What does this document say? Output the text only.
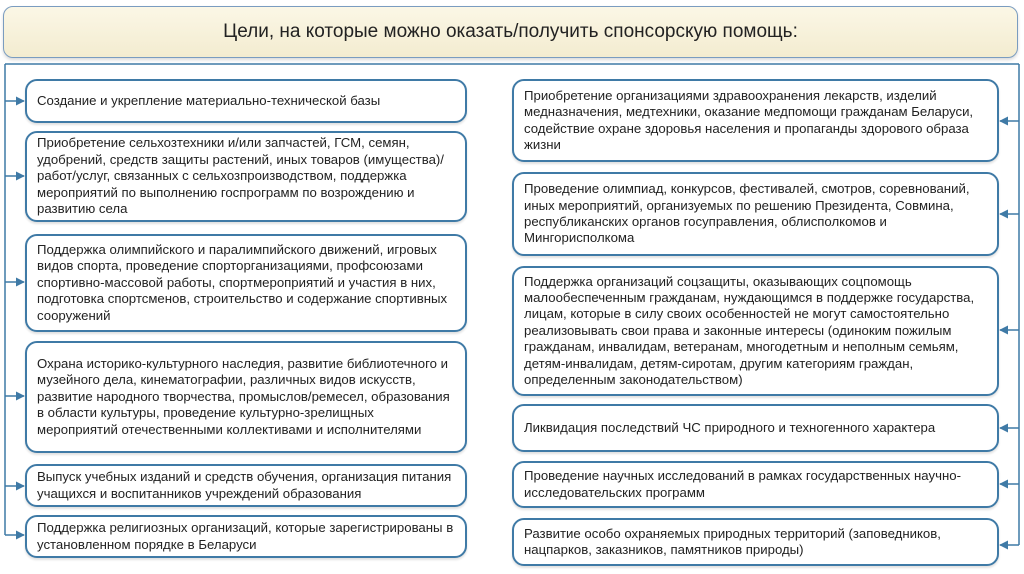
Цели, на которые можно оказать/получить спонсорскую помощь:
Создание и укрепление материально-технической базы
Приобретение сельхозтехники и/или запчастей, ГСМ, семян, удобрений, средств защиты растений, иных товаров (имущества)/работ/услуг, связанных с сельхозпроизводством, поддержка мероприятий по выполнению госпрограмм по возрождению и развитию села
Поддержка олимпийского и паралимпийского движений, игровых видов спорта, проведение спорторганизациями, профсоюзами спортивно-массовой работы, спортмероприятий и участия в них, подготовка спортсменов, строительство и содержание спортивных сооружений
Охрана историко-культурного наследия, развитие библиотечного и музейного дела, кинематографии, различных видов искусств, развитие народного творчества, промыслов/ремесел, образования в области культуры, проведение культурно-зрелищных мероприятий отечественными коллективами и исполнителями
Выпуск учебных изданий и средств обучения, организация питания учащихся и воспитанников учреждений образования
Поддержка религиозных организаций, которые зарегистрированы в установленном порядке в Беларуси
Приобретение организациями здравоохранения лекарств, изделий медназначения, медтехники, оказание медпомощи гражданам Беларуси, содействие охране здоровья населения и пропаганды здорового образа жизни
Проведение олимпиад, конкурсов, фестивалей, смотров, соревнований, иных мероприятий, организуемых по решению Президента, Совмина, республиканских органов госуправления, облисполкомов и Мингорисполкома
Поддержка организаций соцзащиты, оказывающих соцпомощь малообеспеченным гражданам, нуждающимся в поддержке государства, лицам, которые в силу своих особенностей не могут самостоятельно реализовывать свои права и законные интересы (одиноким пожилым гражданам, инвалидам, ветеранам, многодетным и неполным семьям, детям-инвалидам, детям-сиротам, другим категориям граждан, определенным законодательством)
Ликвидация последствий ЧС природного и техногенного характера
Проведение научных исследований в рамках государственных научно-исследовательских программ
Развитие особо охраняемых природных территорий (заповедников, нацпарков, заказников, памятников природы)
